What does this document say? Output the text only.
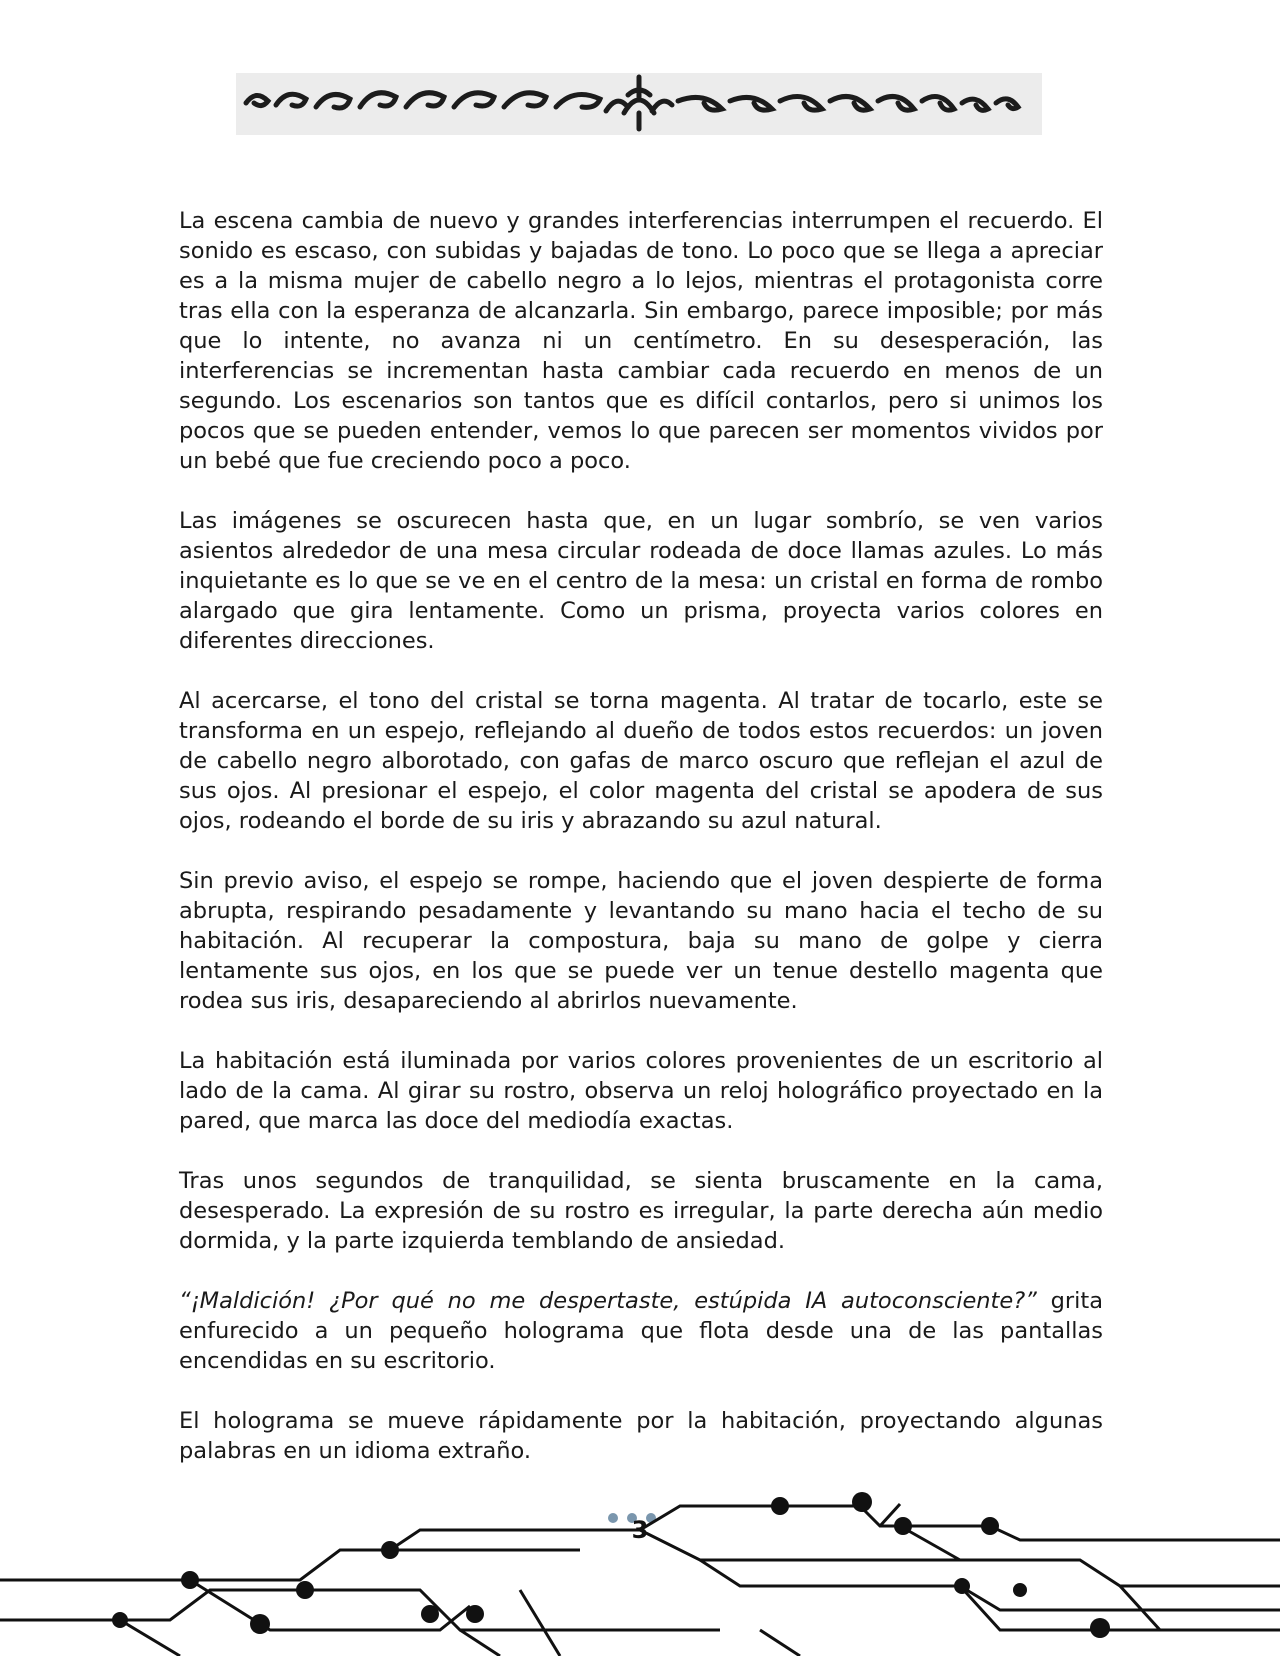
La escena cambia de nuevo y grandes interferencias interrumpen el recuerdo. El sonido es escaso, con subidas y bajadas de tono. Lo poco que se llega a apreciar es a la misma mujer de cabello negro a lo lejos, mientras el protagonista corre tras ella con la esperanza de alcanzarla. Sin embargo, parece imposible; por más que lo intente, no avanza ni un centímetro. En su desesperación, las interferencias se incrementan hasta cambiar cada recuerdo en menos de un segundo. Los escenarios son tantos que es difícil contarlos, pero si unimos los pocos que se pueden entender, vemos lo que parecen ser momentos vividos por un bebé que fue creciendo poco a poco.

Las imágenes se oscurecen hasta que, en un lugar sombrío, se ven varios asientos alrededor de una mesa circular rodeada de doce llamas azules. Lo más inquietante es lo que se ve en el centro de la mesa: un cristal en forma de rombo alargado que gira lentamente. Como un prisma, proyecta varios colores en diferentes direcciones.

Al acercarse, el tono del cristal se torna magenta. Al tratar de tocarlo, este se transforma en un espejo, reflejando al dueño de todos estos recuerdos: un joven de cabello negro alborotado, con gafas de marco oscuro que reflejan el azul de sus ojos. Al presionar el espejo, el color magenta del cristal se apodera de sus ojos, rodeando el borde de su iris y abrazando su azul natural.

Sin previo aviso, el espejo se rompe, haciendo que el joven despierte de forma abrupta, respirando pesadamente y levantando su mano hacia el techo de su habitación. Al recuperar la compostura, baja su mano de golpe y cierra lentamente sus ojos, en los que se puede ver un tenue destello magenta que rodea sus iris, desapareciendo al abrirlos nuevamente.

La habitación está iluminada por varios colores provenientes de un escritorio al lado de la cama. Al girar su rostro, observa un reloj holográfico proyectado en la pared, que marca las doce del mediodía exactas.

Tras unos segundos de tranquilidad, se sienta bruscamente en la cama, desesperado. La expresión de su rostro es irregular, la parte derecha aún medio dormida, y la parte izquierda temblando de ansiedad.

“¡Maldición! ¿Por qué no me despertaste, estúpida IA autoconsciente?” grita enfurecido a un pequeño holograma que flota desde una de las pantallas encendidas en su escritorio.

El holograma se mueve rápidamente por la habitación, proyectando algunas palabras en un idioma extraño.

3
